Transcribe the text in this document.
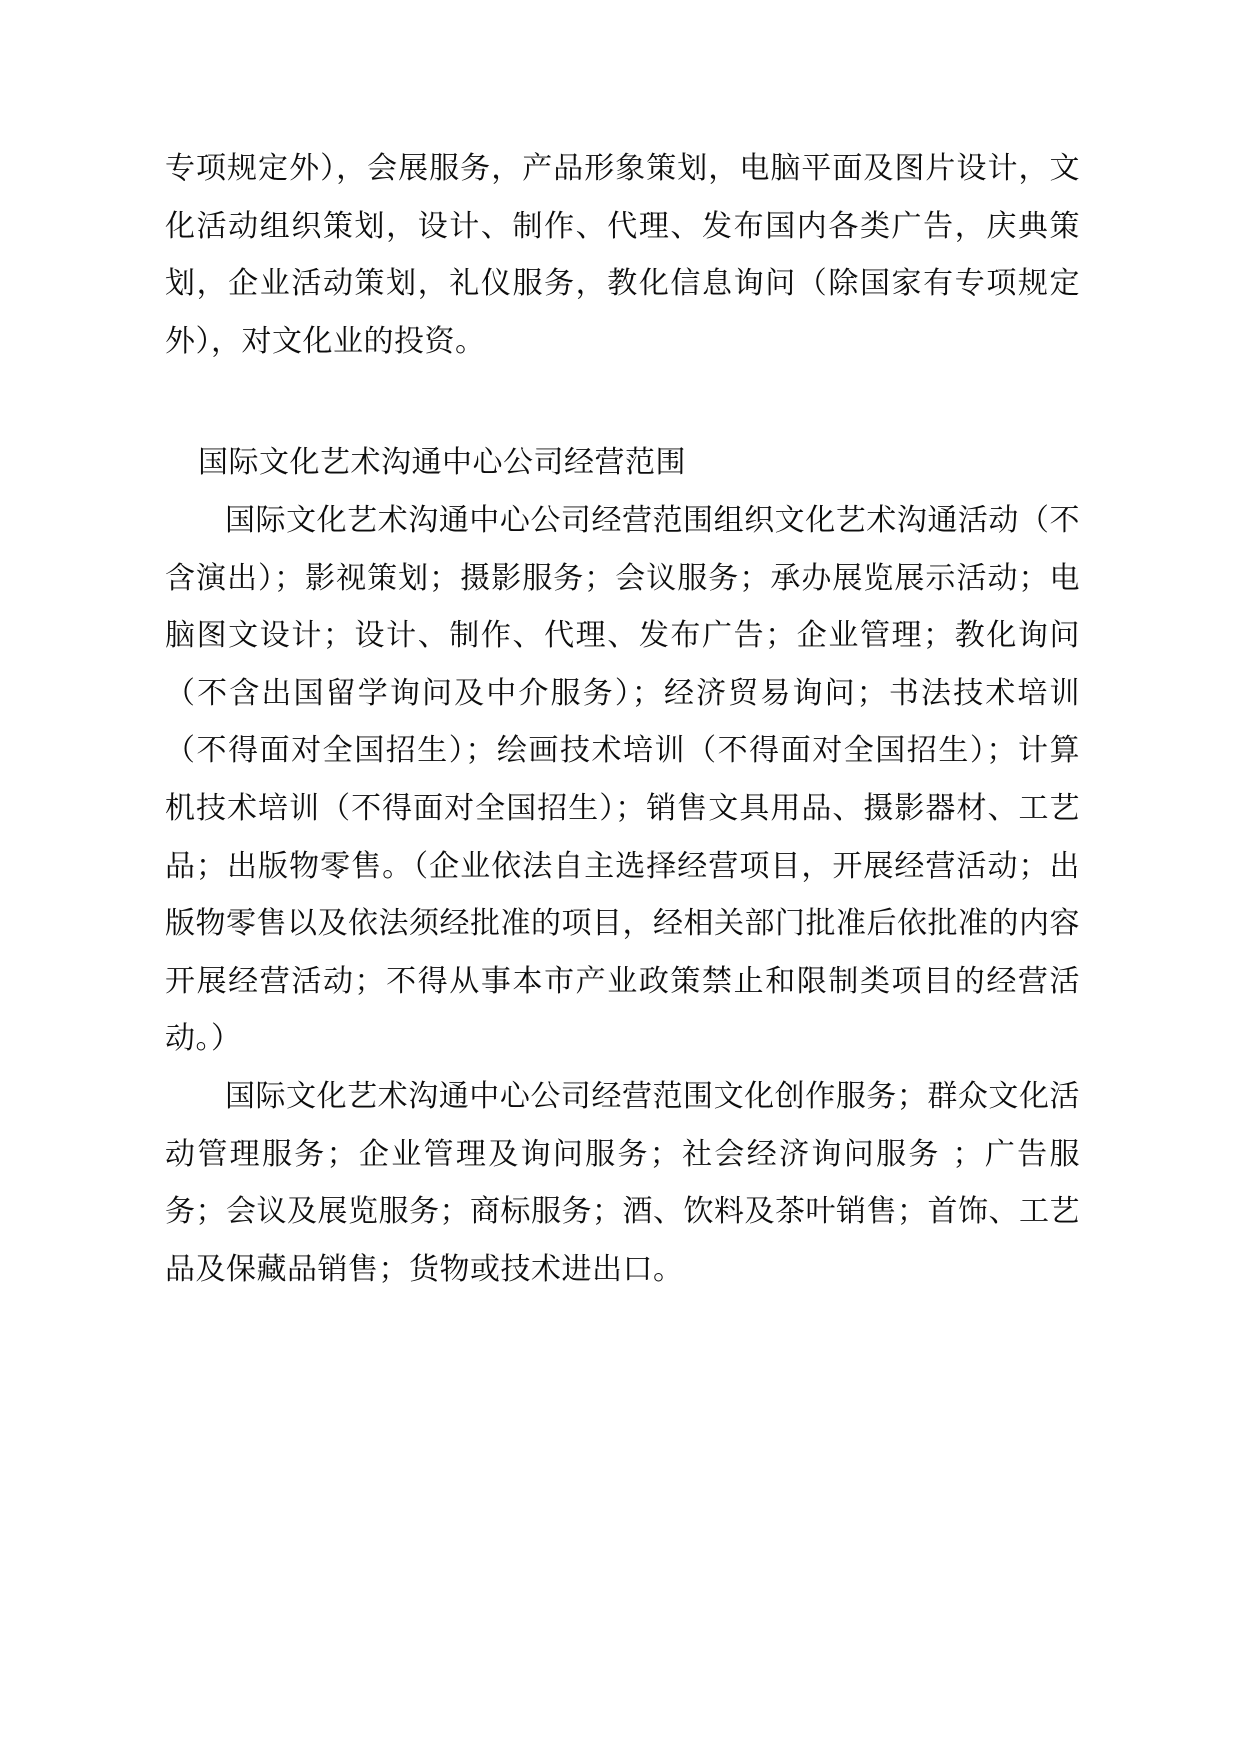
专项规定外），会展服务，产品形象策划，电脑平面及图片设计，文化活动组织策划，设计、制作、代理、发布国内各类广告，庆典策划，企业活动策划，礼仪服务，教化信息询问（除国家有专项规定外），对文化业的投资。

国际文化艺术沟通中心公司经营范围

国际文化艺术沟通中心公司经营范围组织文化艺术沟通活动（不含演出）；影视策划；摄影服务；会议服务；承办展览展示活动；电脑图文设计；设计、制作、代理、发布广告；企业管理；教化询问（不含出国留学询问及中介服务）；经济贸易询问；书法技术培训（不得面对全国招生）；绘画技术培训（不得面对全国招生）；计算机技术培训（不得面对全国招生）；销售文具用品、摄影器材、工艺品；出版物零售。（企业依法自主选择经营项目，开展经营活动；出版物零售以及依法须经批准的项目，经相关部门批准后依批准的内容开展经营活动；不得从事本市产业政策禁止和限制类项目的经营活动。）

国际文化艺术沟通中心公司经营范围文化创作服务；群众文化活动管理服务；企业管理及询问服务；社会经济询问服务 ；广告服务；会议及展览服务；商标服务；酒、饮料及茶叶销售；首饰、工艺品及保藏品销售；货物或技术进出口。
